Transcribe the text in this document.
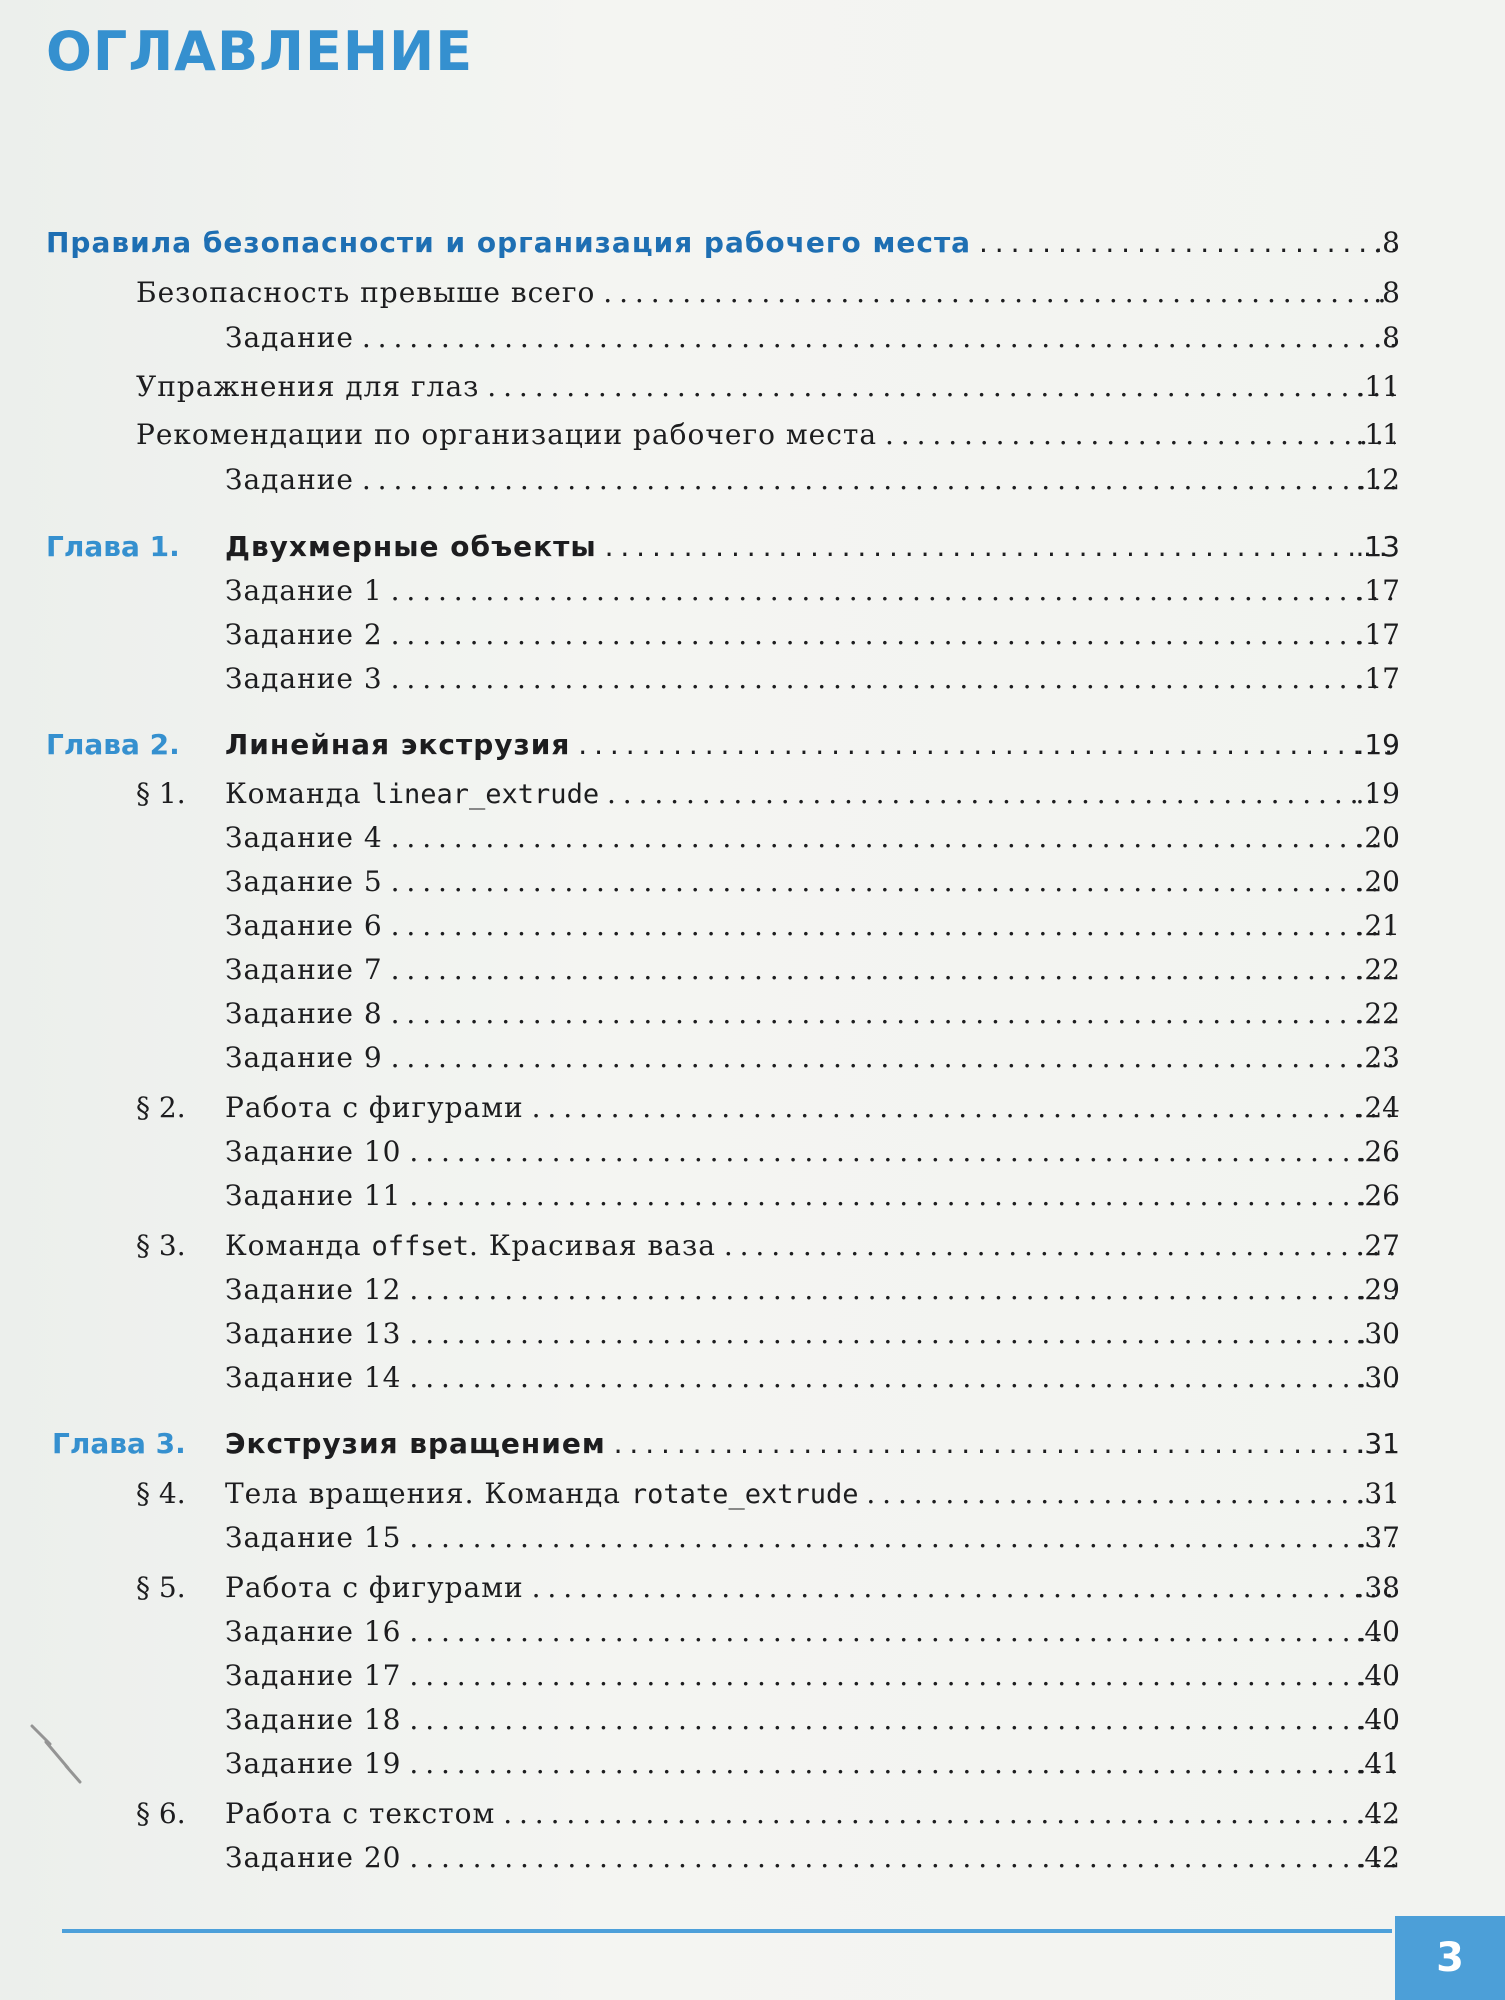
ОГЛАВЛЕНИЕ
Правила безопасности и организация рабочего места . . .	. 8
Безопасность превыше всего . . .	. 8
Задание . . .	. 8
Упражнения для глаз . . .	. 11
Рекомендации по организации рабочего места . . .	. 11
Задание . . .	. 12
Глава 1. Двухмерные объекты . . .	. 13
Задание 1 . . .	. 17
Задание 2 . . .	. 17
Задание 3 . . .	. 17
Глава 2. Линейная экструзия . . .	. 19
§ 1. Команда linear_extrude . . .	. 19
Задание 4 . . .	. 20
Задание 5 . . .	. 20
Задание 6 . . .	. 21
Задание 7 . . .	. 22
Задание 8 . . .	. 22
Задание 9 . . .	. 23
§ 2. Работа с фигурами . . .	. 24
Задание 10 . . .	. 26
Задание 11 . . .	. 26
§ 3. Команда offset. Красивая ваза . . .	. 27
Задание 12 . . .	. 29
Задание 13 . . .	. 30
Задание 14 . . .	. 30
Глава 3. Экструзия вращением . . .	. 31
§ 4. Тела вращения. Команда rotate_extrude . . .	. 31
Задание 15 . . .	. 37
§ 5. Работа с фигурами . . .	. 38
Задание 16 . . .	. 40
Задание 17 . . .	. 40
Задание 18 . . .	. 40
Задание 19 . . .	. 41
§ 6. Работа с текстом . . .	. 42
Задание 20 . . .	. 42
3
